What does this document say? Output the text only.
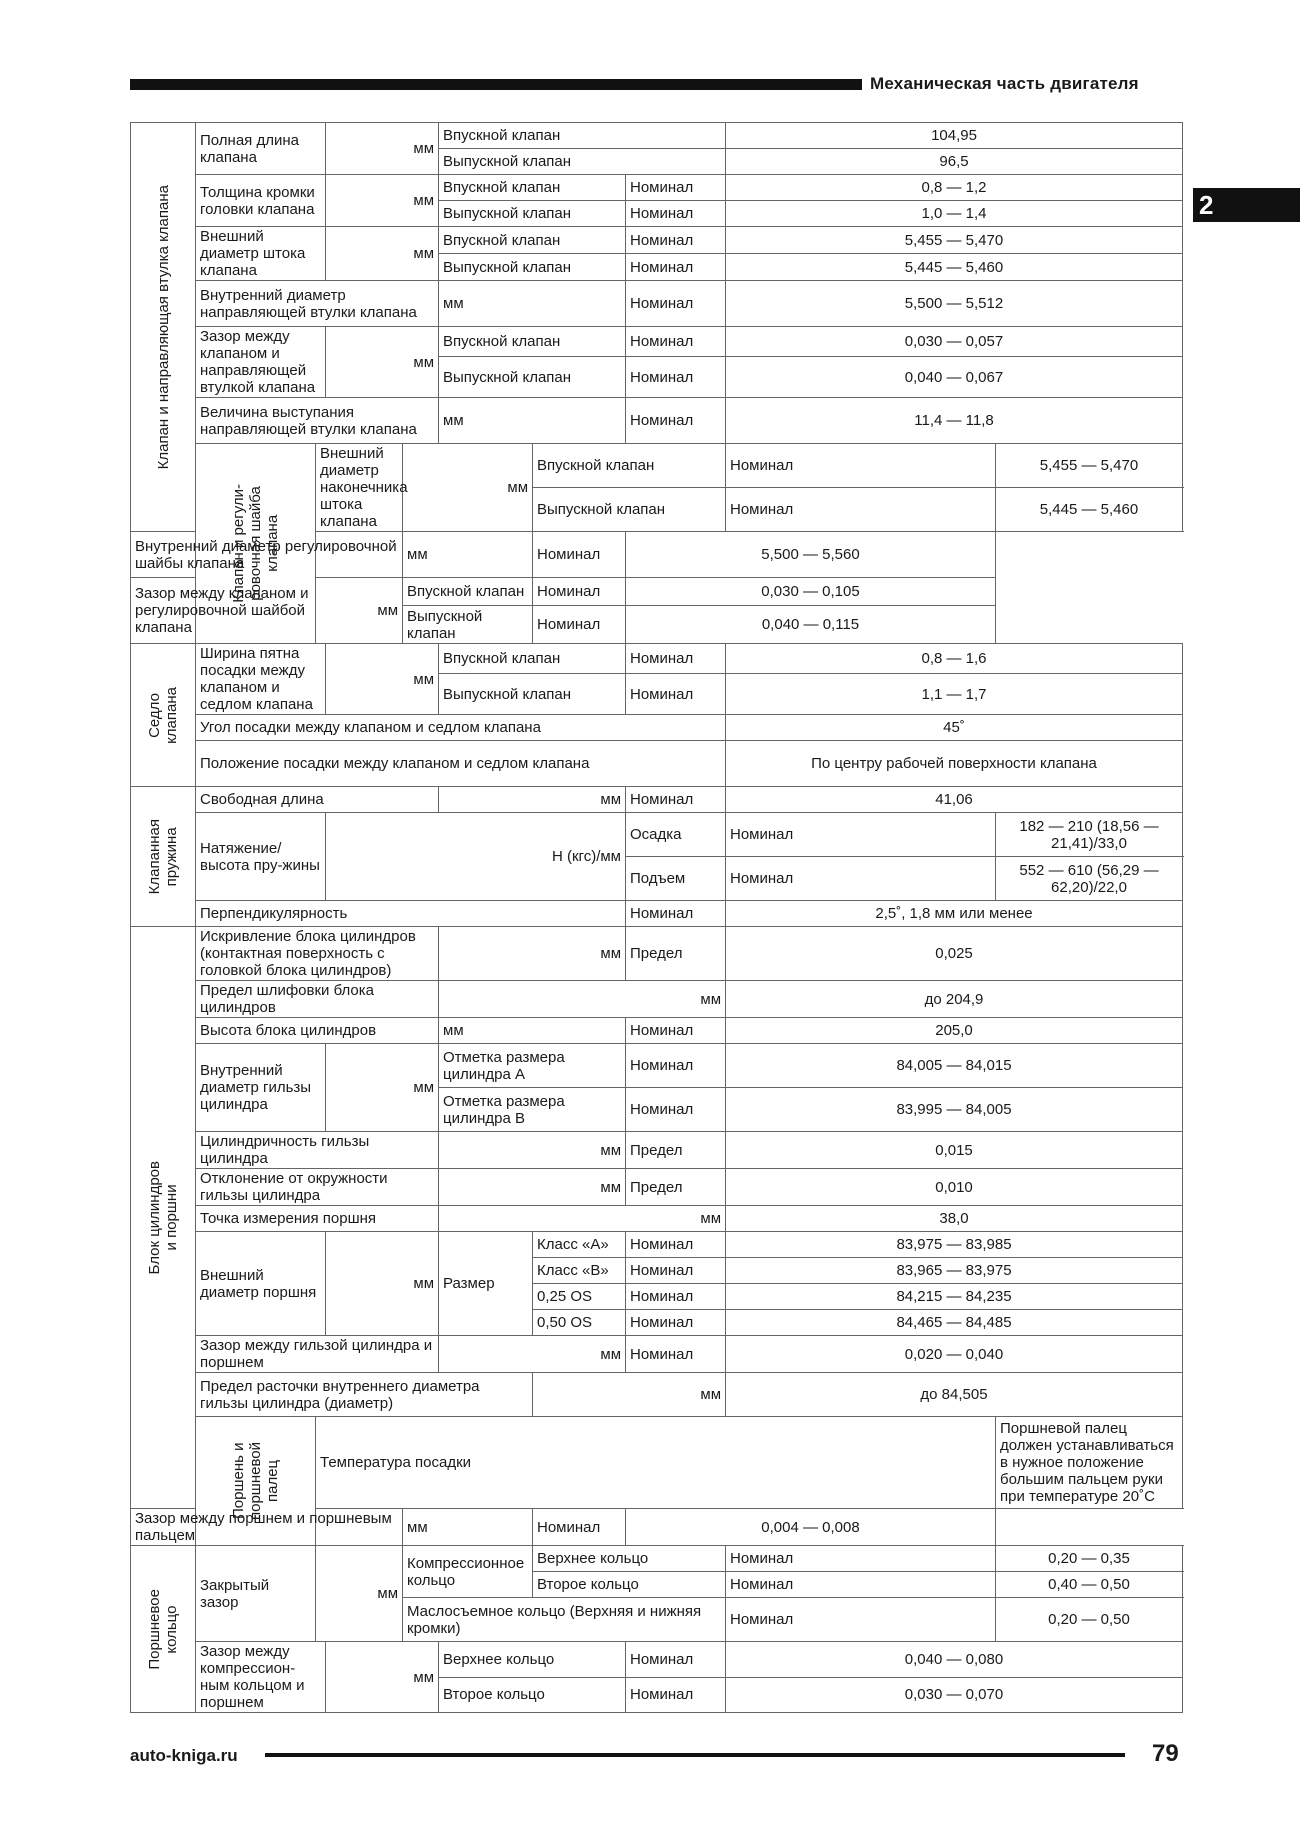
Механическая часть двигателя
2
Клапан и направляющая втулка клапана	Полная длина клапана		мм		Впускной клапан			104,95	
					Выпускной клапан			96,5	
	Толщина кромки головки клапана		мм		Впускной клапан		Номинал	0,8 — 1,2	
					Выпускной клапан		Номинал	1,0 — 1,4	
	Внешний диаметр штока клапана		мм		Впускной клапан		Номинал	5,455 — 5,470	
					Выпускной клапан		Номинал	5,445 — 5,460	
	Внутренний диаметр направляющей втулки клапана				мм		Номинал	5,500 — 5,512	
	Зазор между клапаном и направляющей втулкой клапана		мм		Впускной клапан		Номинал	0,030 — 0,057	
					Выпускной клапан		Номинал	0,040 — 0,067	
	Величина выступания направляющей втулки клапана				мм		Номинал	11,4 — 11,8	

	Клапан и регули-
ровочная шайба
клапана	Внешний диаметр наконечника штока клапана		мм		Впускной клапан		Номинал	5,455 — 5,470
						Выпускной клапан		Номинал	5,445 — 5,460
Внутренний диаметр регулировочной шайбы клапана				мм		Номинал	5,500 — 5,560		
Зазор между клапаном и регулировочной шайбой клапана		мм		Впускной клапан		Номинал	0,030 — 0,105		
				Выпускной клапан		Номинал	0,040 — 0,115		

Седло
клапана	Ширина пятна посадки между клапаном и седлом клапана		мм		Впускной клапан		Номинал	0,8 — 1,6	
					Выпускной клапан		Номинал	1,1 — 1,7	
	Угол посадки между клапаном и седлом клапана							45˚	
	Положение посадки между клапаном и седлом клапана							По центру рабочей поверхности клапана	

Клапанная
пружина	Свободная длина				мм		Номинал	41,06	
	Натяжение/высота пру-жины		Н (кгс)/мм				Осадка	Номинал	182 — 210 (18,56 — 21,41)/33,0
							Подъем	Номинал	552 — 610 (56,29 — 62,20)/22,0
	Перпендикулярность						Номинал	2,5˚, 1,8 мм или менее	

Блок цилиндров
и поршни	Искривление блока цилиндров (контактная поверхность с головкой блока цилиндров)				мм		Предел	0,025	
	Предел шлифовки блока цилиндров				мм			до 204,9	
	Высота блока цилиндров				мм		Номинал	205,0	
	Внутренний диаметр гильзы цилиндра		мм		Отметка размера цилиндра A		Номинал	84,005 — 84,015	
					Отметка размера цилиндра B		Номинал	83,995 — 84,005	
	Цилиндричность гильзы цилиндра				мм		Предел	0,015	
	Отклонение от окружности гильзы цилиндра				мм		Предел	0,010	
	Точка измерения поршня				мм			38,0	
	Внешний диаметр поршня		мм		Размер	Класс «A»	Номинал	83,975 — 83,985	
						Класс «B»	Номинал	83,965 — 83,975	
						0,25 OS	Номинал	84,215 — 84,235	
						0,50 OS	Номинал	84,465 — 84,485	
	Зазор между гильзой цилиндра и поршнем				мм		Номинал	0,020 — 0,040	
	Предел расточки внутреннего диаметра гильзы цилиндра (диаметр)					мм		до 84,505	

	Поршень и
поршневой
палец	Температура посадки							Поршневой палец должен устанавливаться в нужное положение большим пальцем руки при температуре 20˚C
Зазор между поршнем и поршневым пальцем				мм		Номинал	0,004 — 0,008		

Поршневое
кольцо	Закрытый зазор	мм		Компрессионное кольцо		Верхнее кольцо		Номинал	0,20 — 0,35
						Второе кольцо		Номинал	0,40 — 0,50
				Маслосъемное кольцо (Верхняя и нижняя кромки)				Номинал	0,20 — 0,50
	Зазор между компрессион-ным кольцом и поршнем		мм		Верхнее кольцо		Номинал	0,040 — 0,080	
					Второе кольцо		Номинал	0,030 — 0,070	
auto-kniga.ru	79
